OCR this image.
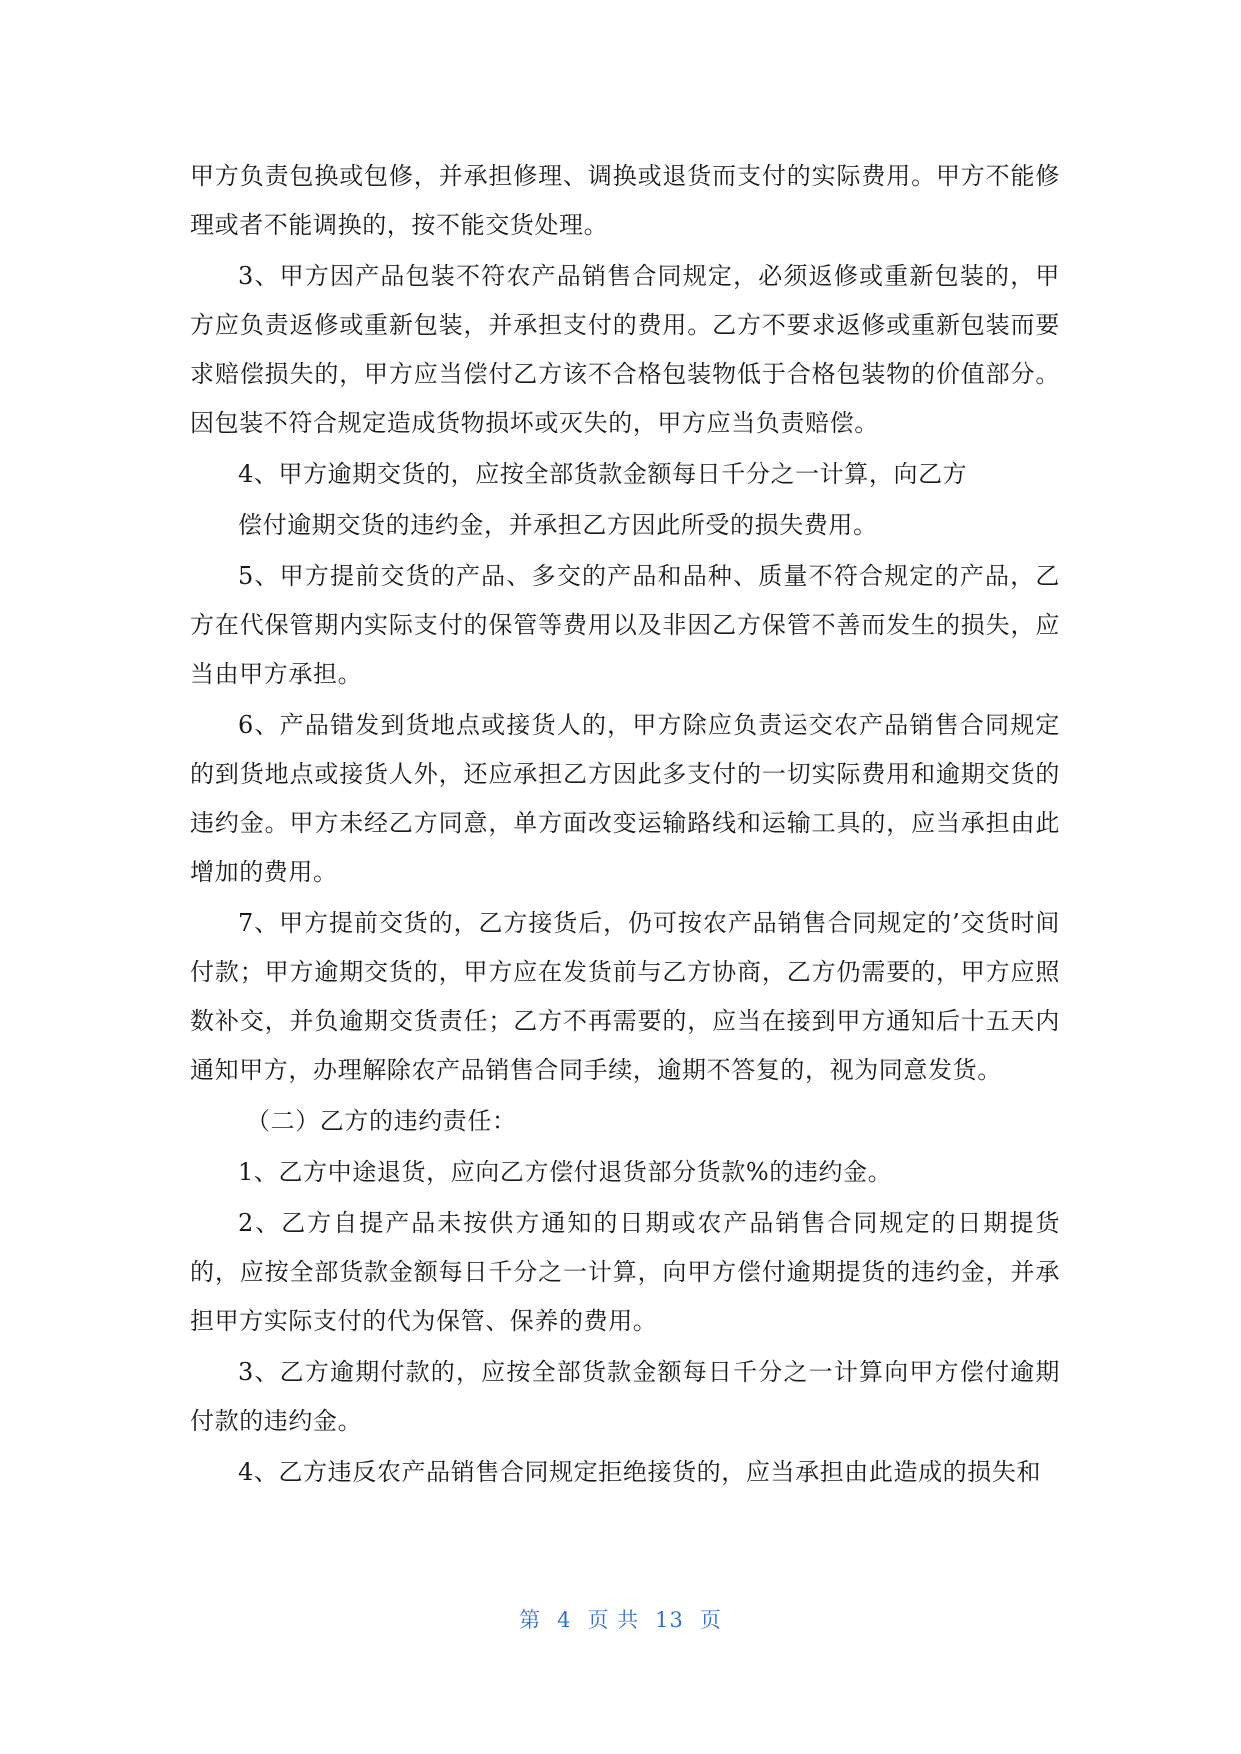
甲方负责包换或包修，并承担修理、调换或退货而支付的实际费用。甲方不能修理或者不能调换的，按不能交货处理。

3、甲方因产品包装不符农产品销售合同规定，必须返修或重新包装的，甲方应负责返修或重新包装，并承担支付的费用。乙方不要求返修或重新包装而要求赔偿损失的，甲方应当偿付乙方该不合格包装物低于合格包装物的价值部分。因包装不符合规定造成货物损坏或灭失的，甲方应当负责赔偿。

4、甲方逾期交货的，应按全部货款金额每日千分之一计算，向乙方

偿付逾期交货的违约金，并承担乙方因此所受的损失费用。

5、甲方提前交货的产品、多交的产品和品种、质量不符合规定的产品，乙方在代保管期内实际支付的保管等费用以及非因乙方保管不善而发生的损失，应当由甲方承担。

6、产品错发到货地点或接货人的，甲方除应负责运交农产品销售合同规定的到货地点或接货人外，还应承担乙方因此多支付的一切实际费用和逾期交货的违约金。甲方未经乙方同意，单方面改变运输路线和运输工具的，应当承担由此增加的费用。

7、甲方提前交货的，乙方接货后，仍可按农产品销售合同规定的’交货时间付款；甲方逾期交货的，甲方应在发货前与乙方协商，乙方仍需要的，甲方应照数补交，并负逾期交货责任；乙方不再需要的，应当在接到甲方通知后十五天内通知甲方，办理解除农产品销售合同手续，逾期不答复的，视为同意发货。

（二）乙方的违约责任：

1、乙方中途退货，应向乙方偿付退货部分货款%的违约金。

2、乙方自提产品未按供方通知的日期或农产品销售合同规定的日期提货的，应按全部货款金额每日千分之一计算，向甲方偿付逾期提货的违约金，并承担甲方实际支付的代为保管、保养的费用。

3、乙方逾期付款的，应按全部货款金额每日千分之一计算向甲方偿付逾期付款的违约金。

4、乙方违反农产品销售合同规定拒绝接货的，应当承担由此造成的损失和

第 4 页 共 13 页
